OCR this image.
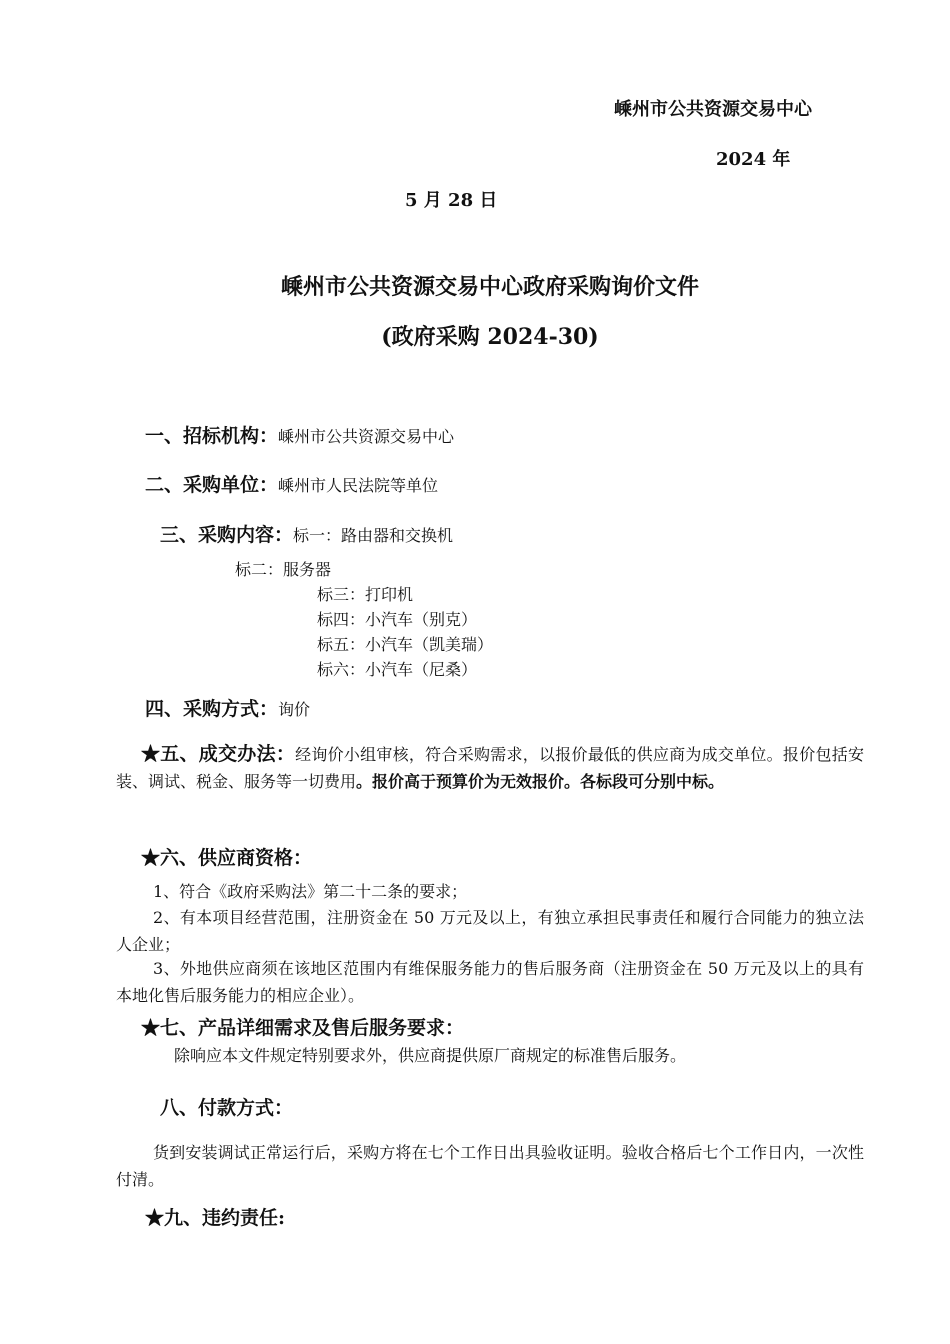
嵊州市公共资源交易中心
2024 年
5 月 28 日
嵊州市公共资源交易中心政府采购询价文件
(政府采购 2024-30)
一、招标机构：嵊州市公共资源交易中心
二、采购单位：嵊州市人民法院等单位
三、采购内容：标一：路由器和交换机
标二：服务器
标三：打印机
标四：小汽车（别克）
标五：小汽车（凯美瑞）
标六：小汽车（尼桑）
四、采购方式：询价
★五、成交办法：经询价小组审核，符合采购需求，以报价最低的供应商为成交单位。报价包括安装、调试、税金、服务等一切费用。报价高于预算价为无效报价。各标段可分别中标。
★六、供应商资格：
1、符合《政府采购法》第二十二条的要求；
2、有本项目经营范围，注册资金在 50 万元及以上，有独立承担民事责任和履行合同能力的独立法人企业；
3、外地供应商须在该地区范围内有维保服务能力的售后服务商（注册资金在 50 万元及以上的具有本地化售后服务能力的相应企业）。
★七、产品详细需求及售后服务要求：
除响应本文件规定特别要求外，供应商提供原厂商规定的标准售后服务。
八、付款方式：
货到安装调试正常运行后，采购方将在七个工作日出具验收证明。验收合格后七个工作日内，一次性付清。
★九、违约责任:
